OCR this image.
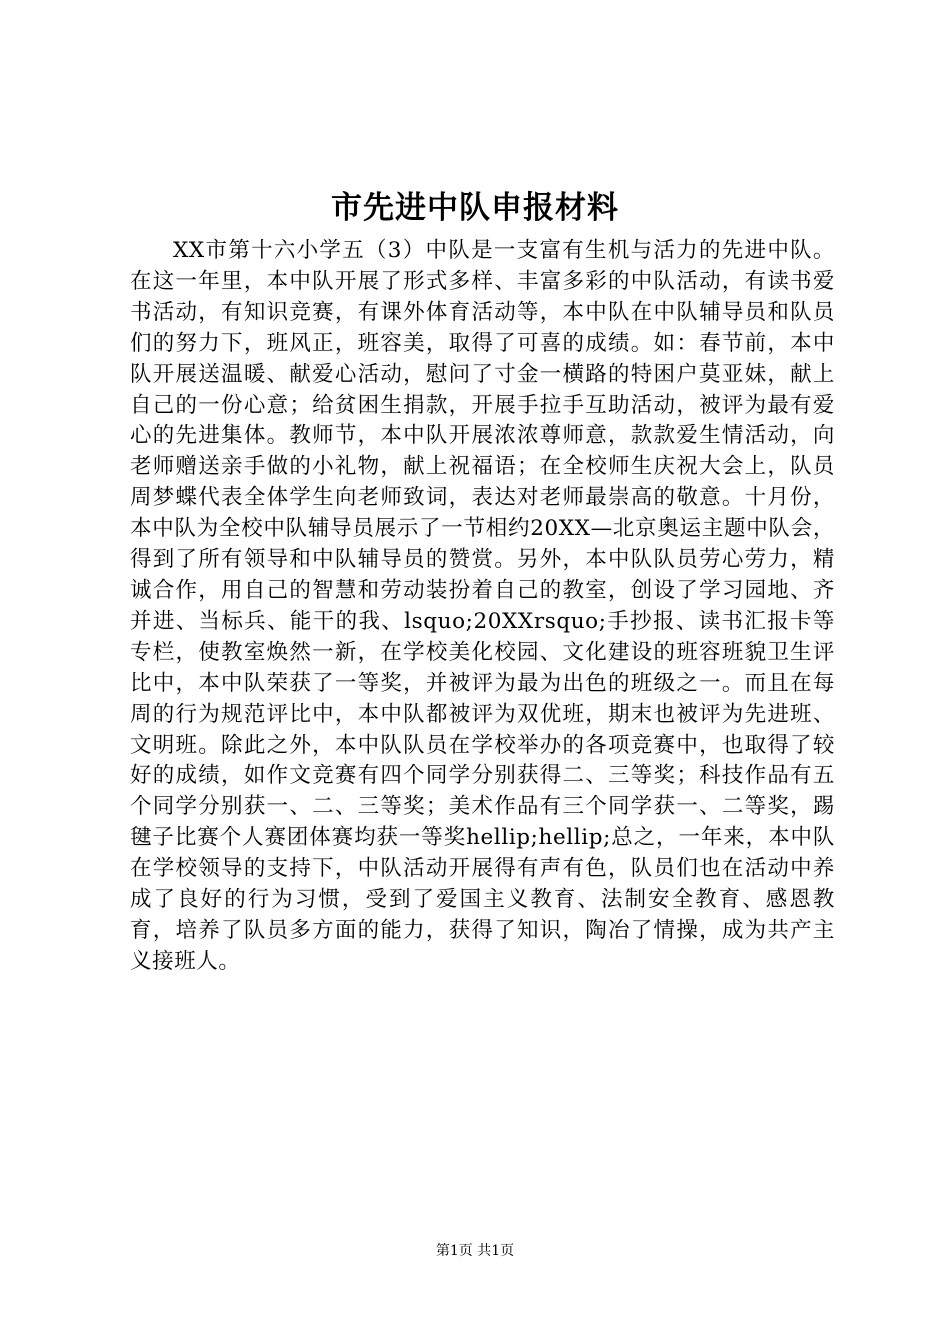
市先进中队申报材料

XX市第十六小学五（3）中队是一支富有生机与活力的先进中队。在这一年里，本中队开展了形式多样、丰富多彩的中队活动，有读书爱书活动，有知识竞赛，有课外体育活动等，本中队在中队辅导员和队员们的努力下，班风正，班容美，取得了可喜的成绩。如：春节前，本中队开展送温暖、献爱心活动，慰问了寸金一横路的特困户莫亚妹，献上自己的一份心意；给贫困生捐款，开展手拉手互助活动，被评为最有爱心的先进集体。教师节，本中队开展浓浓尊师意，款款爱生情活动，向老师赠送亲手做的小礼物，献上祝福语；在全校师生庆祝大会上，队员周梦蝶代表全体学生向老师致词，表达对老师最崇高的敬意。十月份，本中队为全校中队辅导员展示了一节相约20XX—北京奥运主题中队会，得到了所有领导和中队辅导员的赞赏。另外，本中队队员劳心劳力，精诚合作，用自己的智慧和劳动装扮着自己的教室，创设了学习园地、齐并进、当标兵、能干的我、lsquo;20XXrsquo;手抄报、读书汇报卡等专栏，使教室焕然一新，在学校美化校园、文化建设的班容班貌卫生评比中，本中队荣获了一等奖，并被评为最为出色的班级之一。而且在每周的行为规范评比中，本中队都被评为双优班，期末也被评为先进班、文明班。除此之外，本中队队员在学校举办的各项竞赛中，也取得了较好的成绩，如作文竞赛有四个同学分别获得二、三等奖；科技作品有五个同学分别获一、二、三等奖；美术作品有三个同学获一、二等奖，踢毽子比赛个人赛团体赛均获一等奖hellip;hellip;总之，一年来，本中队在学校领导的支持下，中队活动开展得有声有色，队员们也在活动中养成了良好的行为习惯，受到了爱国主义教育、法制安全教育、感恩教育，培养了队员多方面的能力，获得了知识，陶冶了情操，成为共产主义接班人。

第1页 共1页
